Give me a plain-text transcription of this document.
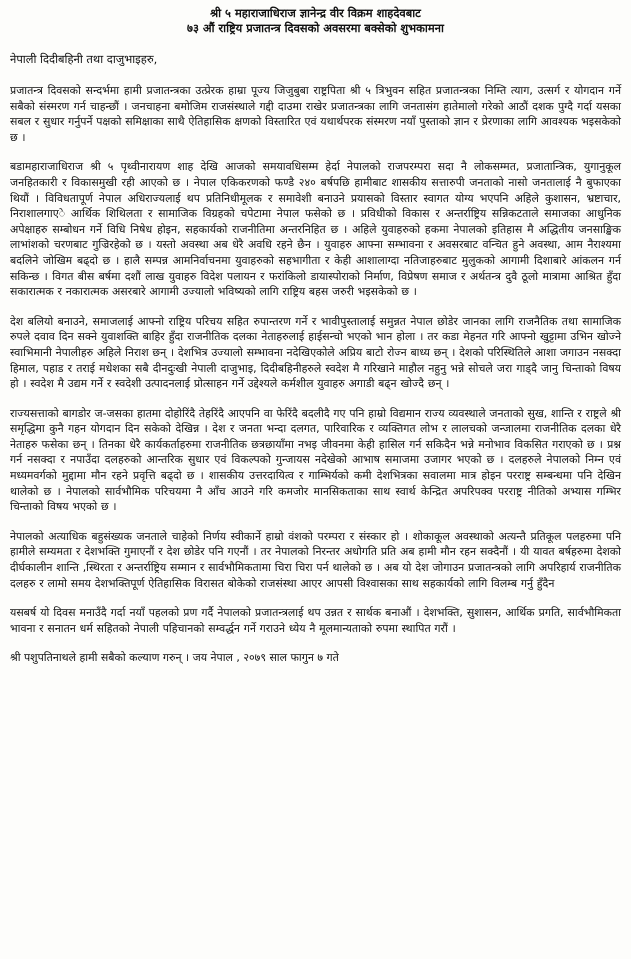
श्री ५ महाराजाधिराज ज्ञानेन्द्र वीर विक्रम शाहदेवबाट
७३ औं राष्ट्रिय प्रजातन्त्र दिवसको अवसरमा बक्सेको शुभकामना
नेपाली दिदीबहिनी तथा दाजुभाइहरु,

प्रजातन्त्र दिवसको सन्दर्भमा हामी प्रजातन्त्रका उत्प्रेरक हाम्रा पूज्य जिजुबुबा राष्ट्रपिता श्री ५ त्रिभुवन सहित प्रजातन्त्रका निम्ति त्याग, उत्सर्ग र योगदान गर्ने सबैको संस्मरण गर्न चाहन्छौं । जनचाहना बमोजिम राजसंस्थाले गद्दी दाउमा राखेर प्रजातन्त्रका लागि जनतासंग हातेमालो गरेको आठौं दशक पुग्दै गर्दा यसका सबल र सुधार गर्नुपर्ने पक्षको समिक्षाका साथै ऐतिहासिक क्षणको विस्तारित एवं यथार्थपरक संस्मरण नयाँ पुस्ताको ज्ञान र प्रेरणाका लागि आवश्यक भइसकेको छ ।

बडामहाराजाधिराज श्री ५ पृथ्वीनारायण शाह देखि आजको समयावधिसम्म हेर्दा नेपालको राजपरम्परा सदा नै लोकसम्मत, प्रजातान्त्रिक, युगानुकूल जनहितकारी र विकासमुखी रही आएको छ । नेपाल एकिकरणको फण्डै २४० बर्षपछि हामीबाट शासकीय सत्तारुपी जनताको नासो जनतालाई नै बुफाएका थियौं । विविधतापूर्ण नेपाल अधिराज्यलाई थप प्रतिनिधीमूलक र समावेशी बनाउने प्रयासको विस्तार स्वागत योग्य भएपनि अहिले कुशासन, भ्रष्टाचार, निराशालगाएे आर्थिक शिथिलता र सामाजिक विग्रहको चपेटामा नेपाल फसेको छ । प्रविधीको विकास र अन्तर्राष्ट्रिय सन्निकटताले समाजका आधुनिक अपेक्षाहरु सम्बोधन गर्ने विधि निषेध होइन, सहकार्यको राजनीतिमा अन्तरनिहित छ । अहिले युवाहरुको हकमा नेपालको इतिहास मै अद्धितीय जनसाङ्खिक लाभांशको चरणबाट गुज्रिरहेको छ । यस्तो अवस्था अब धेरै अवधि रहने छैन । युवाहरु आफ्ना सम्भावना र अवसरबाट वन्चित हुने अवस्था, आम नैराश्यमा बदलिने जोखिम बढ्दो छ । हालै सम्पन्न आमनिर्वाचनमा युवाहरुको सहभागीता र केही आशालाग्दा नतिजाहरुबाट मुलुकको आगामी दिशाबारे आंकलन गर्न सकिन्छ । विगत बीस बर्षमा दशौं लाख युवाहरु विदेश पलायन र फरांकिलो डायास्पोराको निर्माण, विप्रेषण समाज र अर्थतन्त्र दुवै ठूलो मात्रामा आश्रित हुँदा सकारात्मक र नकारात्मक असरबारे आगामी उज्यालो भविष्यको लागि राष्ट्रिय बहस जरुरी भइसकेको छ ।

देश बलियो बनाउने, समाजलाई आफ्नो राष्ट्रिय परिचय सहित रुपान्तरण गर्ने र भावीपुस्तालाई समुन्नत नेपाल छोडेर जानका लागि राजनैतिक तथा सामाजिक रुपले दवाव दिन सक्ने युवाशक्ति बाहिर हुँदा राजनीतिक दलका नेताहरुलाई हाईसन्चो भएको भान होला । तर कडा मेहनत गरि आफ्नो खुट्टामा उभिन खोज्ने स्वाभिमानी नेपालीहरु अहिले निराश छन् । देशभित्र उज्यालो सम्भावना नदेखिएकोले अप्रिय बाटो रोज्न बाध्य छन् । देशको परिस्थितिले आशा जगाउन नसक्दा हिमाल, पहाड र तराई मधेशका सबै दीनदुःखी नेपाली दाजुभाइ, दिदीबहिनीहरुले स्वदेश मै गरिखाने माहौल नहुनु भन्ने सोचले जरा गाड्दै जानु चिन्ताको विषय हो । स्वदेश मै उद्यम गर्ने र स्वदेशी उत्पादनलाई प्रोत्साहन गर्ने उद्देश्यले कर्मशील युवाहरु अगाडी बढ्न खोज्दै छन् ।

राज्यसत्ताको बागडोर ज-जसका हातमा दोहोरिंदै तेहरिंदै आएपनि वा फेरिंदै बदलीदै गए पनि हाम्रो विद्यमान राज्य व्यवस्थाले जनताको सुख, शान्ति र राष्ट्रले श्री समृद्धिमा कुनै गहन योगदान दिन सकेको देखिन्न । देश र जनता भन्दा दलगत, पारिवारिक र व्यक्तिगत लोभ र लालचको जन्जालमा राजनीतिक दलका धेरै नेताहरु फसेका छन् । तिनका धेरै कार्यकर्ताहरुमा राजनीतिक छत्रछायाँमा नभइ जीवनमा केही हासिल गर्न सकिदैन भन्ने मनोभाव विकसित गराएको छ । प्रश्न गर्न नसक्दा र नपाउँदा दलहरुको आन्तरिक सुधार एवं विकल्पको गुन्जायस नदेखेको आभाष समाजमा उजागर भएको छ । दलहरुले नेपालको निम्न एवं मध्यमवर्गको मुद्दामा मौन रहने प्रवृत्ति बढ्दो छ । शासकीय उत्तरदायित्व र गाम्भिर्यको कमी देशभित्रका सवालमा मात्र होइन परराष्ट्र सम्बन्धमा पनि देखिन थालेको छ । नेपालको सार्वभौमिक परिचयमा नै आँच आउने गरि कमजोर मानसिकताका साथ स्वार्थ केन्द्रित अपरिपक्व परराष्ट्र नीतिको अभ्यास गम्भिर चिन्ताको विषय भएको छ ।

नेपालको अत्याधिक बहुसंख्यक जनताले चाहेको निर्णय स्वीकार्ने हाम्रो वंशको परम्परा र संस्कार हो । शोकाकूल अवस्थाको अत्यन्तै प्रतिकूल पलहरुमा पनि हामीले सम्यमता र देशभक्ति गुमाएनौं र देश छोडेर पनि गएनौं । तर नेपालको निरन्तर अधोगति प्रति अब हामी मौन रहन सक्दैनौं । यी यावत बर्षहरुमा देशको दीर्घकालीन शान्ति ,स्थिरता र अन्तर्राष्ट्रिय सम्मान र सार्वभौमिकतामा चिरा चिरा पर्न थालेको छ । अब यो देश जोगाउन प्रजातन्त्रको लागि अपरिहार्य राजनीतिक दलहरु र लामो समय देशभक्तिपूर्ण ऐतिहासिक विरासत बोकेको राजसंस्था आएर आपसी विश्वासका साथ सहकार्यको लागि विलम्ब गर्नु हुँदैन

यसबर्ष यो दिवस मनाउँदै गर्दा नयाँ पहलको प्रण गर्दै नेपालको प्रजातन्त्रलाई थप उन्नत र सार्थक बनाऔं । देशभक्ति, सुशासन, आर्थिक प्रगति, सार्वभौमिकता भावना र सनातन धर्म सहितको नेपाली पहिचानको सम्वर्द्धन गर्ने गराउने ध्येय नै मूलमान्यताको रुपमा स्थापित गरौं ।

श्री पशुपतिनाथले हामी सबैको कल्याण गरुन् । जय नेपाल , २०७९ साल फागुन ७ गते
